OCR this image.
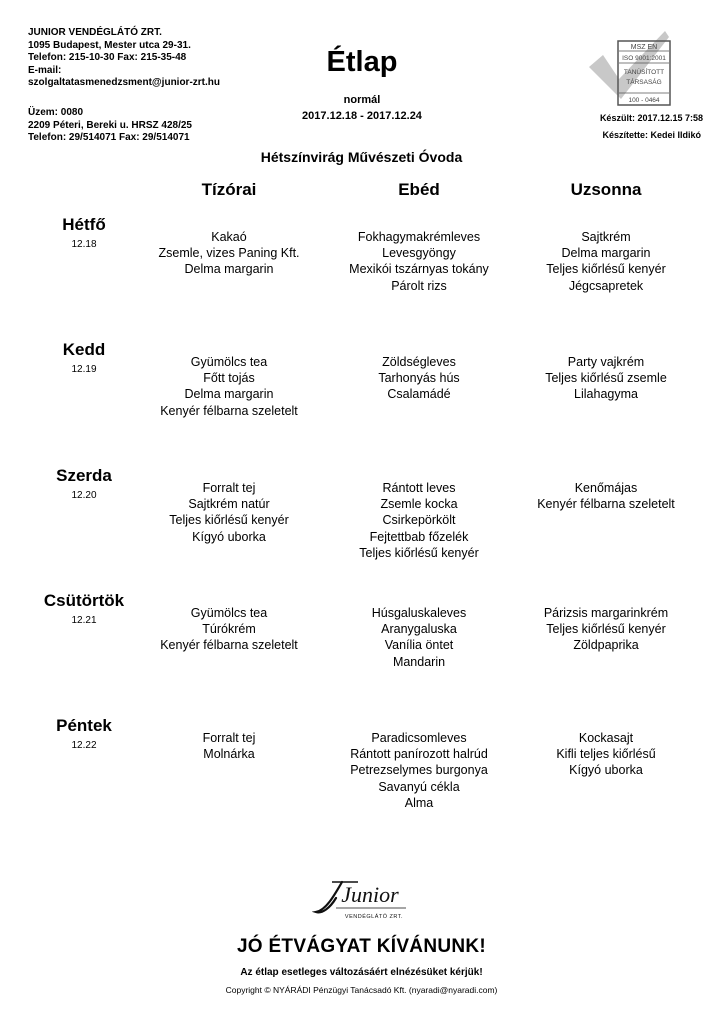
JUNIOR VENDÉGLÁTÓ ZRT.
1095 Budapest, Mester utca 29-31.
Telefon: 215-10-30 Fax: 215-35-48
E-mail:
szolgaltatasmenedzsment@junior-zrt.hu
Üzem: 0080
2209 Péteri, Bereki u. HRSZ 428/25
Telefon: 29/514071 Fax: 29/514071
Étlap
normál
2017.12.18 - 2017.12.24
MSZ EN
ISO 9001:2001
TANÚSÍTOTT
TÁRSASÁG
100 - 0464
Készült: 2017.12.15 7:58
Készítette: Kedei Ildikó
Hétszínvirág Művészeti Óvoda
Tízórai	Ebéd	Uzsonna
Hétfő
12.18
Kakaó
Zsemle, vizes Paning Kft.
Delma margarin
Fokhagymakrémleves
Levesgyöngy
Mexikói tszárnyas tokány
Párolt rizs
Sajtkrém
Delma margarin
Teljes kiőrlésű kenyér
Jégcsapretek
Kedd
12.19
Gyümölcs tea
Főtt tojás
Delma margarin
Kenyér félbarna szeletelt
Zöldségleves
Tarhonyás hús
Csalamádé
Party vajkrém
Teljes kiőrlésű zsemle
Lilahagyma
Szerda
12.20
Forralt tej
Sajtkrém natúr
Teljes kiőrlésű kenyér
Kígyó uborka
Rántott leves
Zsemle kocka
Csirkepörkölt
Fejtettbab főzelék
Teljes kiőrlésű kenyér
Kenőmájas
Kenyér félbarna szeletelt
Csütörtök
12.21
Gyümölcs tea
Túrókrém
Kenyér félbarna szeletelt
Húsgaluskaleves
Aranygaluska
Vanília öntet
Mandarin
Párizsis margarinkrém
Teljes kiőrlésű kenyér
Zöldpaprika
Péntek
12.22
Forralt tej
Molnárka
Paradicsomleves
Rántott panírozott halrúd
Petrezselymes burgonya
Savanyú cékla
Alma
Kockasajt
Kifli teljes kiőrlésű
Kígyó uborka
Junior
VENDÉGLÁTÓ ZRT.
JÓ ÉTVÁGYAT KÍVÁNUNK!
Az étlap esetleges változásáért elnézésüket kérjük!
Copyright © NYÁRÁDI Pénzügyi Tanácsadó Kft. (nyaradi@nyaradi.com)
